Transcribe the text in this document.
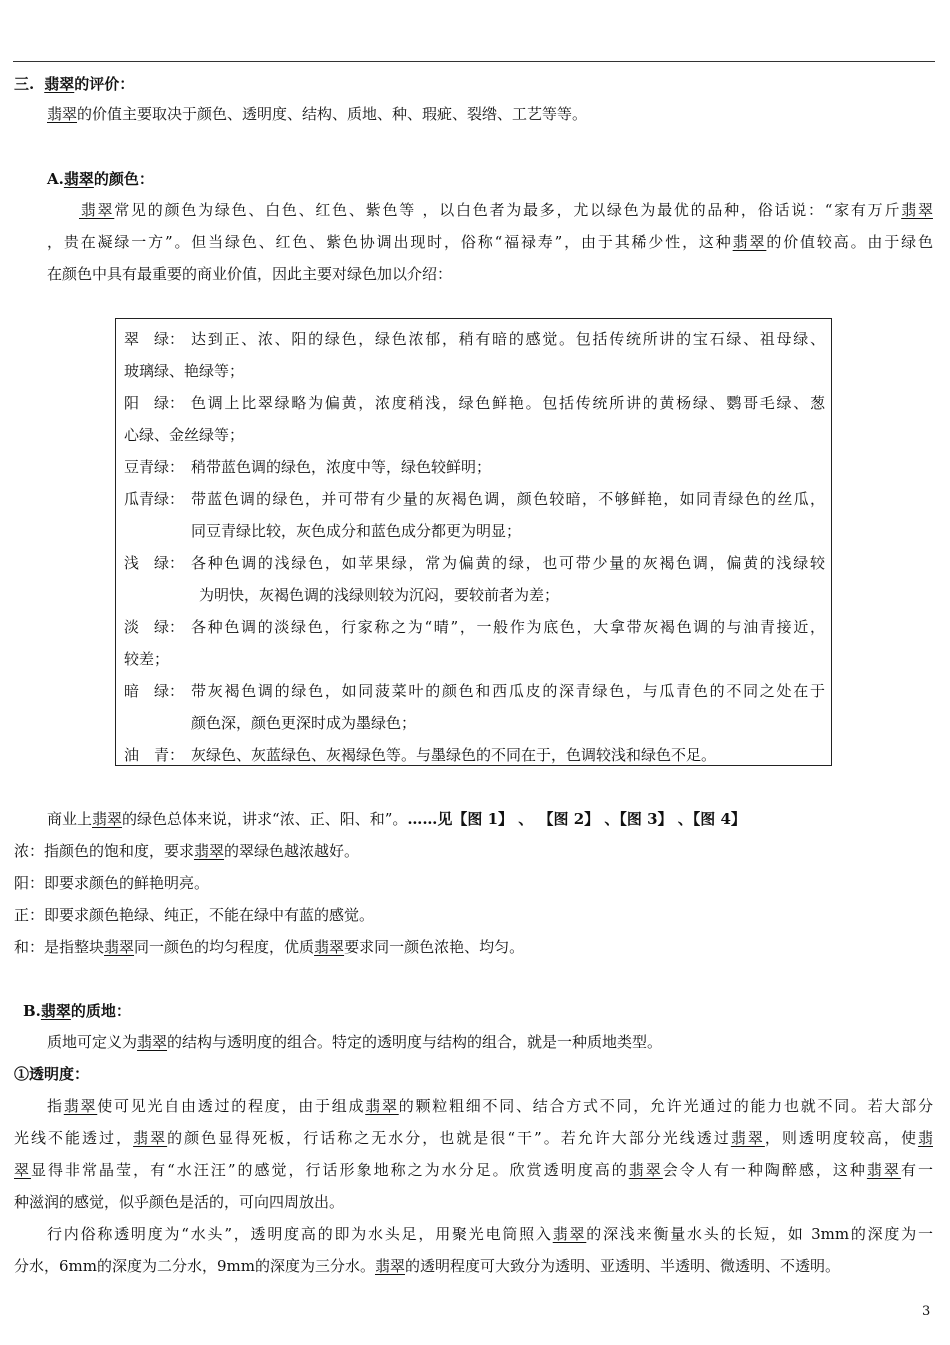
三. 翡翠的评价：
翡翠的价值主要取决于颜色、透明度、结构、质地、种、瑕疵、裂绺、工艺等等。
A.翡翠的颜色：
翡翠常见的颜色为绿色、白色、红色、紫色等 ，以白色者为最多，尤以绿色为最优的品种，俗话说：“家有万斤翡翠
，贵在凝绿一方”。但当绿色、红色、紫色协调出现时，俗称“福禄寿”，由于其稀少性，这种翡翠的价值较高。由于绿色
在颜色中具有最重要的商业价值，因此主要对绿色加以介绍：
翠　绿： 达到正、浓、阳的绿色，绿色浓郁，稍有暗的感觉。包括传统所讲的宝石绿、祖母绿、
玻璃绿、艳绿等；
阳　绿： 色调上比翠绿略为偏黄，浓度稍浅，绿色鲜艳。包括传统所讲的黄杨绿、鹦哥毛绿、葱
心绿、金丝绿等；
豆青绿： 稍带蓝色调的绿色，浓度中等，绿色较鲜明；
瓜青绿： 带蓝色调的绿色，并可带有少量的灰褐色调，颜色较暗，不够鲜艳，如同青绿色的丝瓜，
同豆青绿比较，灰色成分和蓝色成分都更为明显；
浅　绿： 各种色调的浅绿色，如苹果绿，常为偏黄的绿，也可带少量的灰褐色调，偏黄的浅绿较
为明快，灰褐色调的浅绿则较为沉闷，要较前者为差；
淡　绿： 各种色调的淡绿色，行家称之为“晴”，一般作为底色，大拿带灰褐色调的与油青接近，
较差；
暗　绿： 带灰褐色调的绿色，如同菠菜叶的颜色和西瓜皮的深青绿色，与瓜青色的不同之处在于
颜色深，颜色更深时成为墨绿色；
油　青： 灰绿色、灰蓝绿色、灰褐绿色等。与墨绿色的不同在于，色调较浅和绿色不足。
商业上翡翠的绿色总体来说，讲求“浓、正、阳、和”。……见【图 1】 、 【图 2】 、【图 3】 、【图 4】
浓：指颜色的饱和度，要求翡翠的翠绿色越浓越好。
阳：即要求颜色的鲜艳明亮。
正：即要求颜色艳绿、纯正，不能在绿中有蓝的感觉。
和：是指整块翡翠同一颜色的均匀程度，优质翡翠要求同一颜色浓艳、均匀。
B.翡翠的质地：
质地可定义为翡翠的结构与透明度的组合。特定的透明度与结构的组合，就是一种质地类型。
①透明度：
指翡翠使可见光自由透过的程度，由于组成翡翠的颗粒粗细不同、结合方式不同，允许光通过的能力也就不同。若大部分
光线不能透过，翡翠的颜色显得死板，行话称之无水分，也就是很“干”。若允许大部分光线透过翡翠，则透明度较高，使翡
翠显得非常晶莹，有“水汪汪”的感觉，行话形象地称之为水分足。欣赏透明度高的翡翠会令人有一种陶醉感，这种翡翠有一
种滋润的感觉，似乎颜色是活的，可向四周放出。
行内俗称透明度为“水头”，透明度高的即为水头足，用聚光电筒照入翡翠的深浅来衡量水头的长短，如 3mm的深度为一
分水，6mm的深度为二分水，9mm的深度为三分水。翡翠的透明程度可大致分为透明、亚透明、半透明、微透明、不透明。
3
